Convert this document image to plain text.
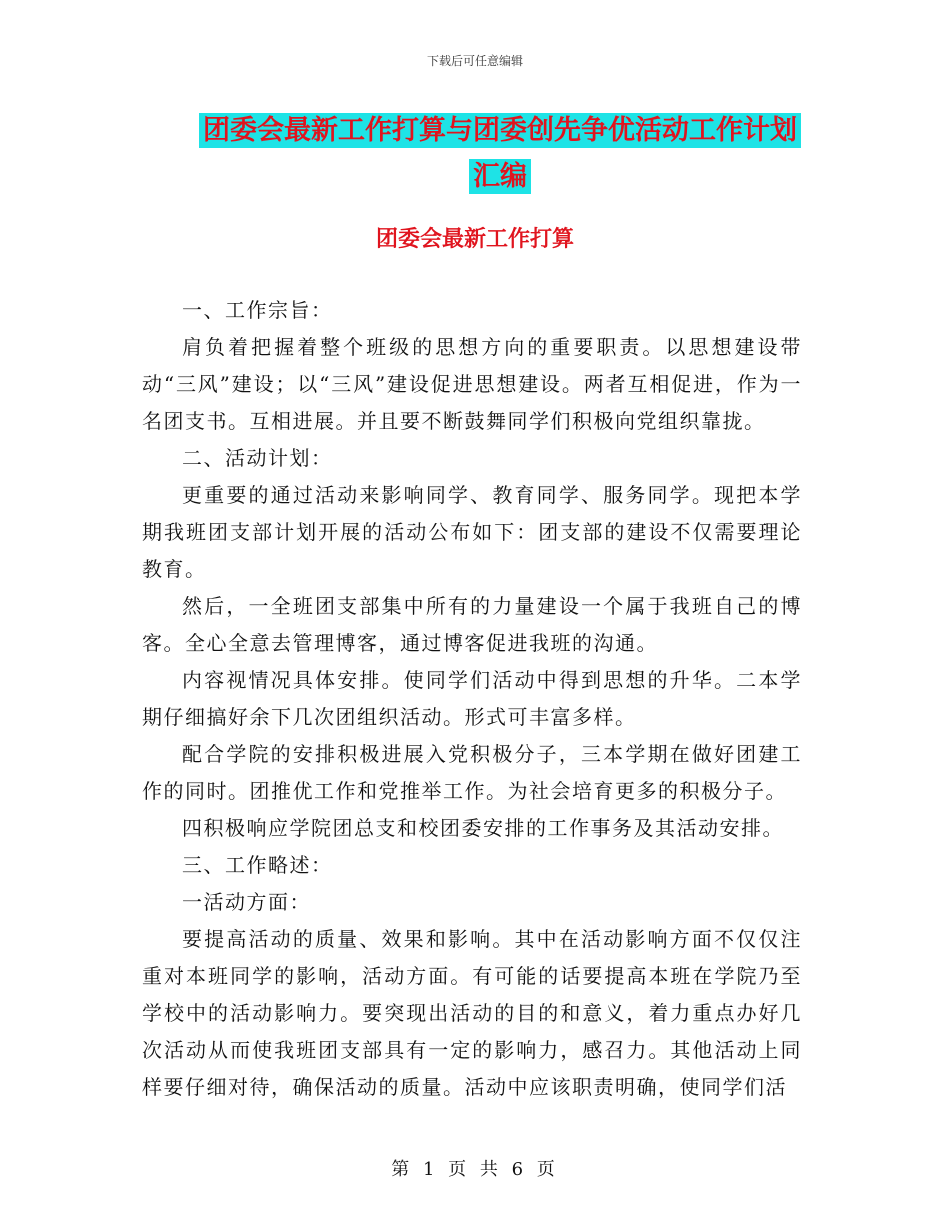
下载后可任意编辑
团委会最新工作打算与团委创先争优活动工作计划汇编
团委会最新工作打算

一、工作宗旨：

肩负着把握着整个班级的思想方向的重要职责。以思想建设带动“三风”建设；以“三风”建设促进思想建设。两者互相促进，作为一名团支书。互相进展。并且要不断鼓舞同学们积极向党组织靠拢。

二、活动计划：

更重要的通过活动来影响同学、教育同学、服务同学。现把本学期我班团支部计划开展的活动公布如下：团支部的建设不仅需要理论教育。

然后，一全班团支部集中所有的力量建设一个属于我班自己的博客。全心全意去管理博客，通过博客促进我班的沟通。

内容视情况具体安排。使同学们活动中得到思想的升华。二本学期仔细搞好余下几次团组织活动。形式可丰富多样。

配合学院的安排积极进展入党积极分子，三本学期在做好团建工作的同时。团推优工作和党推举工作。为社会培育更多的积极分子。

四积极响应学院团总支和校团委安排的工作事务及其活动安排。

三、工作略述：

一活动方面：

要提高活动的质量、效果和影响。其中在活动影响方面不仅仅注重对本班同学的影响，活动方面。有可能的话要提高本班在学院乃至学校中的活动影响力。要突现出活动的目的和意义，着力重点办好几次活动从而使我班团支部具有一定的影响力，感召力。其他活动上同样要仔细对待，确保活动的质量。活动中应该职责明确，使同学们活

第 1 页 共 6 页
